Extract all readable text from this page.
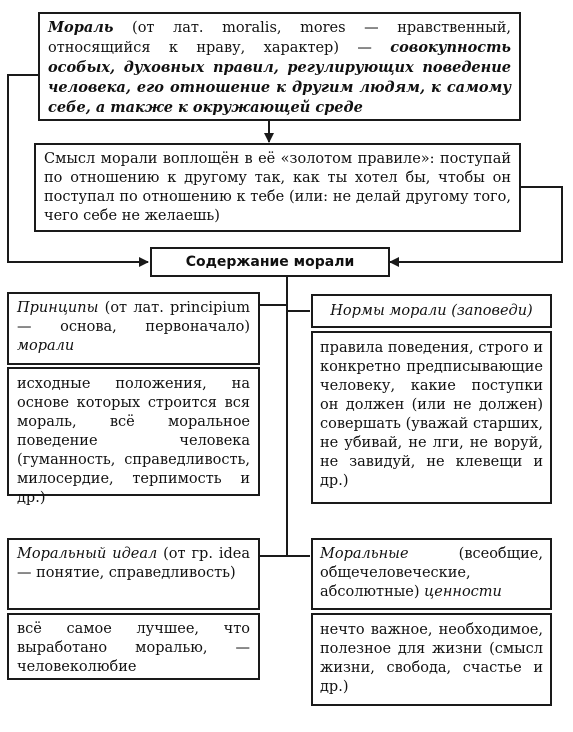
Мораль (от лат. moralis, mores — нравственный, относящийся к нраву, характер) — совокупность особых, духовных правил, регулирующих поведение человека, его отношение к другим людям, к самому себе, а также к окружающей среде
Смысл морали воплощён в её «золотом правиле»: поступай по отношению к другому так, как ты хотел бы, чтобы он поступал по отношению к тебе (или: не делай другому того, чего себе не желаешь)
Содержание морали
Принципы (от лат. principium — основа, первоначало) морали
исходные положения, на основе которых строится вся мораль, всё моральное поведение человека (гуманность, справедливость, милосердие, терпимость и др.)
Нормы морали (заповеди)
правила поведения, строго и конкретно предписывающие человеку, какие поступки он должен (или не должен) совершать (уважай старших, не убивай, не лги, не воруй, не завидуй, не клевещи и др.)
Моральный идеал (от гр. idea — понятие, справедливость)
всё самое лучшее, что выработано моралью, — человеколюбие
Моральные	(всеобщие, общечеловеческие, абсолютные) ценности
нечто важное, необходимое, полезное для жизни (смысл жизни, свобода, счастье и др.)
